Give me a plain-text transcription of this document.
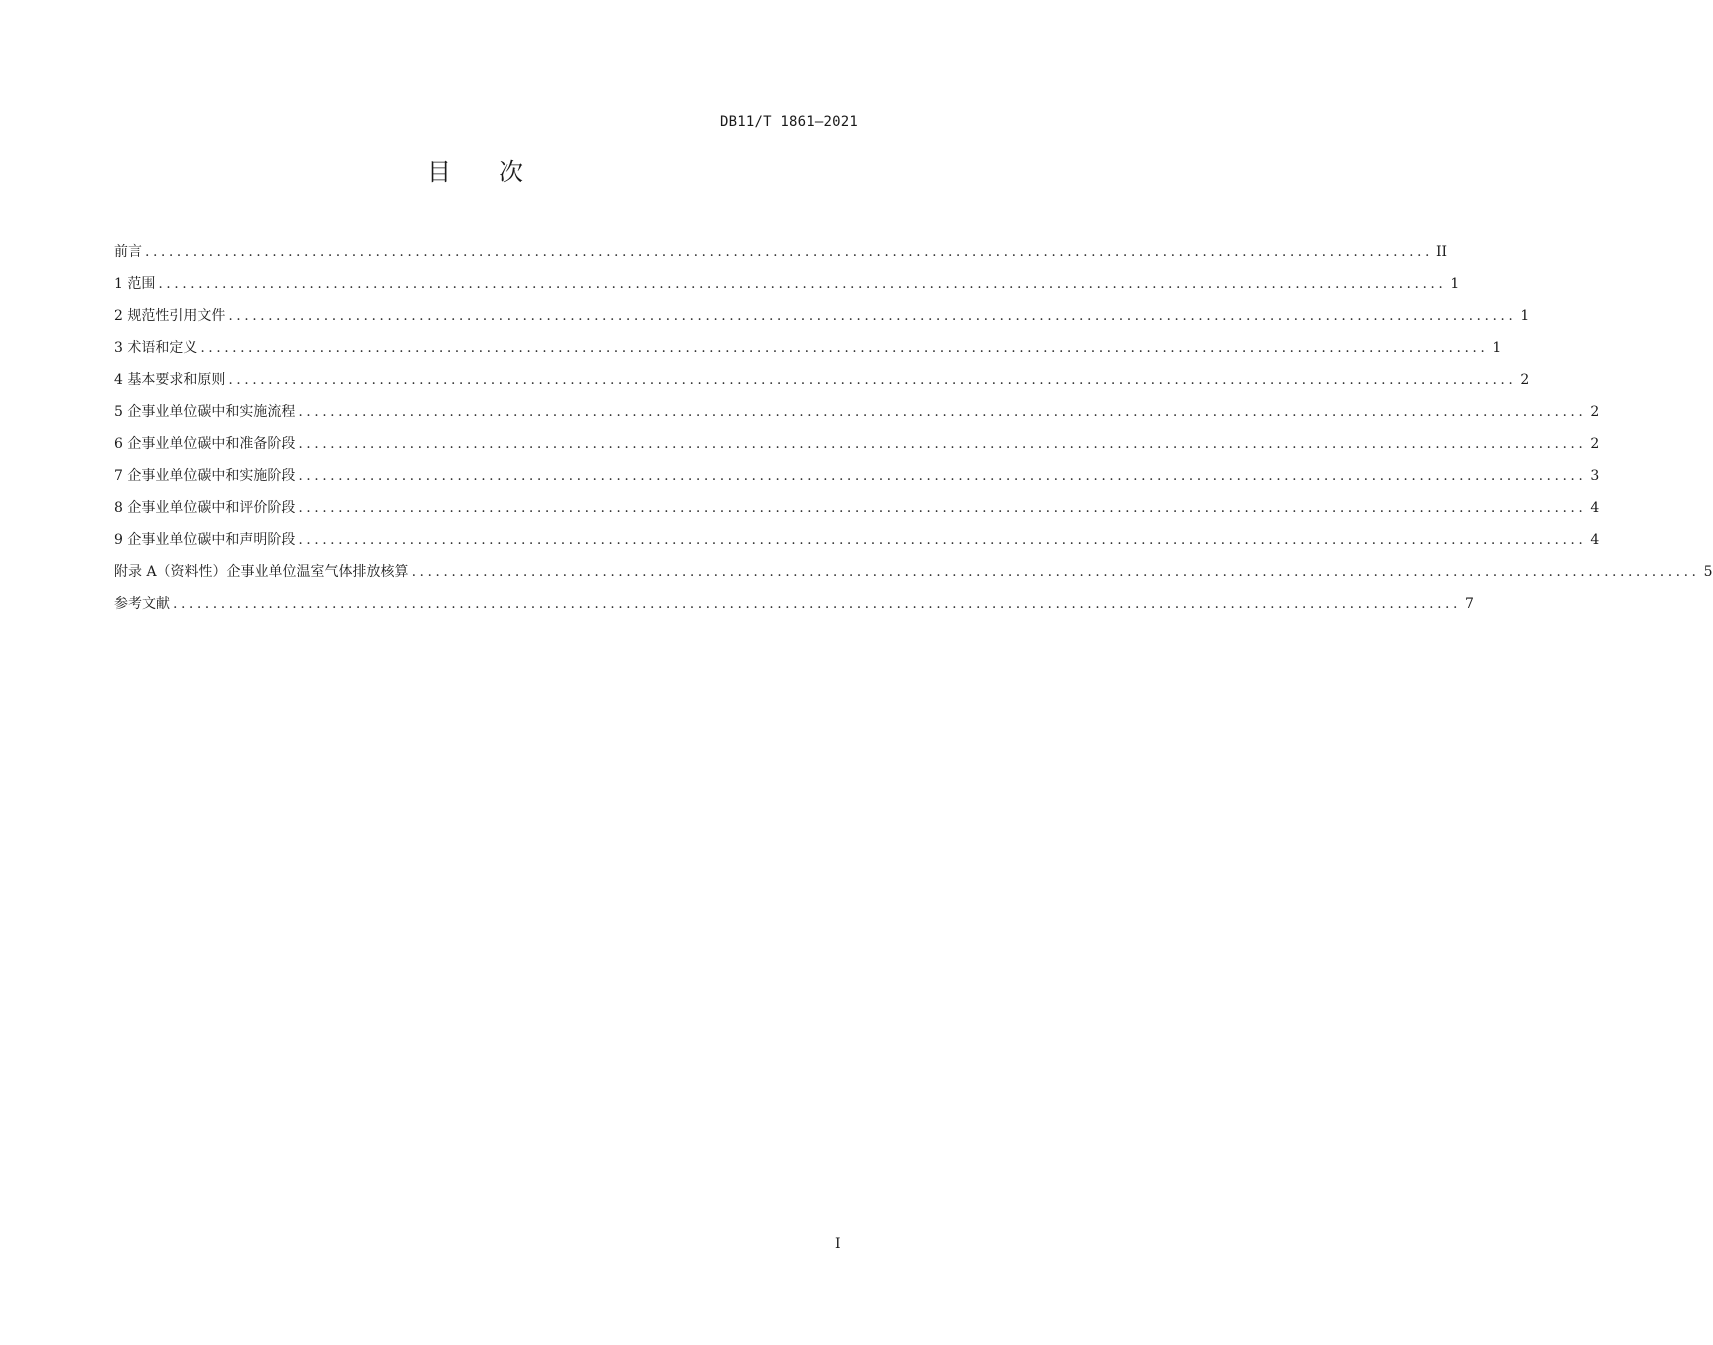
DB11/T 1861—2021
目次
前言 .................................................................................................................................................................. II
1 范围 .................................................................................................................................................................. 1
2 规范性引用文件 .................................................................................................................................................................. 1
3 术语和定义 .................................................................................................................................................................. 1
4 基本要求和原则 .................................................................................................................................................................. 2
5 企事业单位碳中和实施流程 .................................................................................................................................................................. 2
6 企事业单位碳中和准备阶段 .................................................................................................................................................................. 2
7 企事业单位碳中和实施阶段 .................................................................................................................................................................. 3
8 企事业单位碳中和评价阶段 .................................................................................................................................................................. 4
9 企事业单位碳中和声明阶段 .................................................................................................................................................................. 4
附录 A（资料性）企事业单位温室气体排放核算 .................................................................................................................................................................. 5
参考文献 .................................................................................................................................................................. 7
I
